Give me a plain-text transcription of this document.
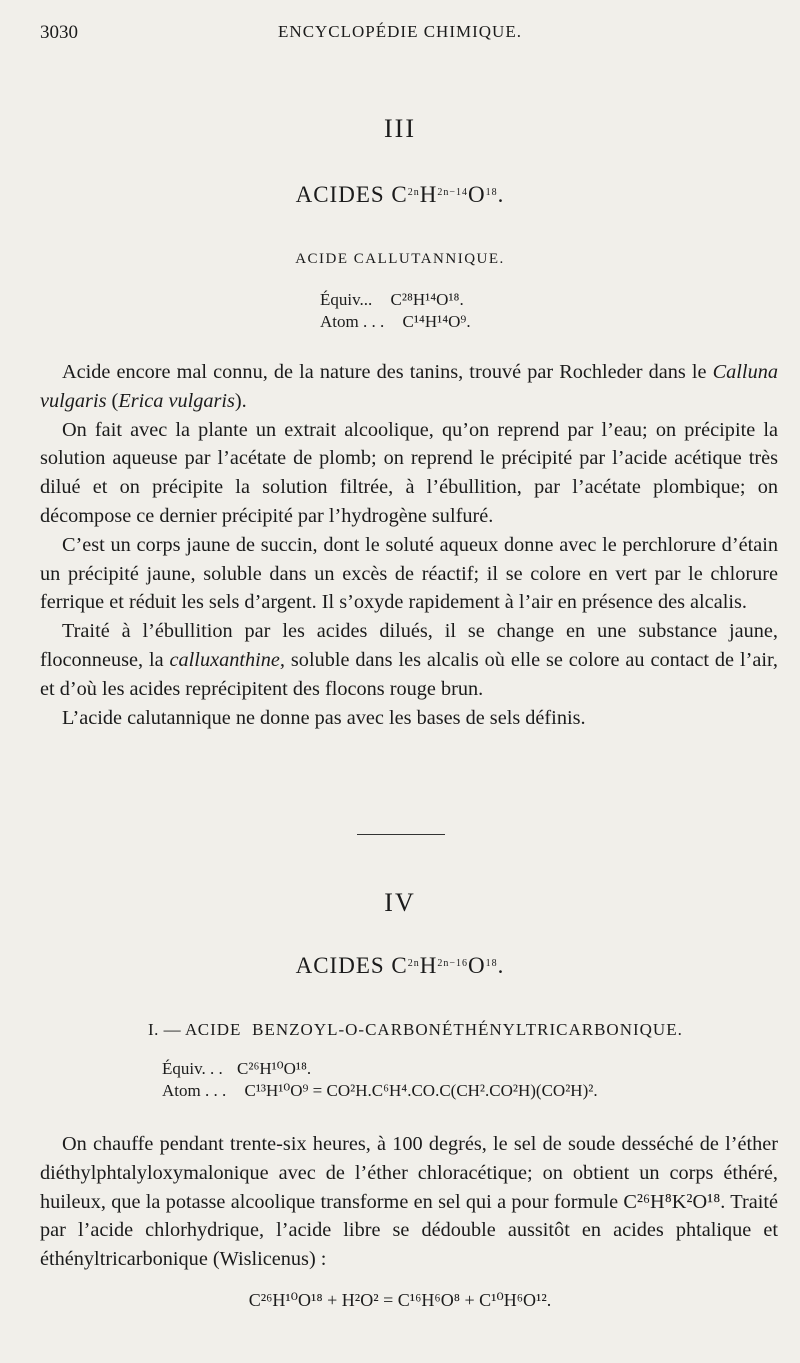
3030	ENCYCLOPÉDIE CHIMIQUE.
III
ACIDES $C^{2n}H^{2n-14}O^{18}$.
ACIDE CALLUTANNIQUE.
Équiv... C²⁸H¹⁴O¹⁸.
Atom . . . C¹⁴H¹⁴O⁹.

Acide encore mal connu, de la nature des tanins, trouvé par Rochleder dans le Calluna vulgaris (Erica vulgaris).

On fait avec la plante un extrait alcoolique, qu’on reprend par l’eau; on précipite la solution aqueuse par l’acétate de plomb; on reprend le précipité par l’acide acétique très dilué et on précipite la solution filtrée, à l’ébullition, par l’acétate plombique; on décompose ce dernier précipité par l’hydrogène sulfuré.

C’est un corps jaune de succin, dont le soluté aqueux donne avec le perchlorure d’étain un précipité jaune, soluble dans un excès de réactif; il se colore en vert par le chlorure ferrique et réduit les sels d’argent. Il s’oxyde rapidement à l’air en présence des alcalis.

Traité à l’ébullition par les acides dilués, il se change en une substance jaune, floconneuse, la calluxanthine, soluble dans les alcalis où elle se colore au contact de l’air, et d’où les acides reprécipitent des flocons rouge brun.

L’acide calutannique ne donne pas avec les bases de sels définis.

IV
ACIDES $C^{2n}H^{2n-16}O^{18}$.
I. — ACIDE BENZOYL-O-CARBONÉTHÉNYLTRICARBONIQUE.
Équiv. . . C²⁶H¹⁰O¹⁸.
Atom . . . C¹³H¹⁰O⁹ = CO²H.C⁶H⁴.CO.C(CH².CO²H)(CO²H)².

On chauffe pendant trente-six heures, à 100 degrés, le sel de soude desséché de l’éther diéthylphtalyloxymalonique avec de l’éther chloracétique; on obtient un corps éthéré, huileux, que la potasse alcoolique transforme en sel qui a pour formule C²⁶H⁸K²O¹⁸. Traité par l’acide chlorhydrique, l’acide libre se dédouble aussitôt en acides phtalique et éthényltricarbonique (Wislicenus) :

C²⁶H¹⁰O¹⁸ + H²O² = C¹⁶H⁶O⁸ + C¹⁰H⁶O¹².
